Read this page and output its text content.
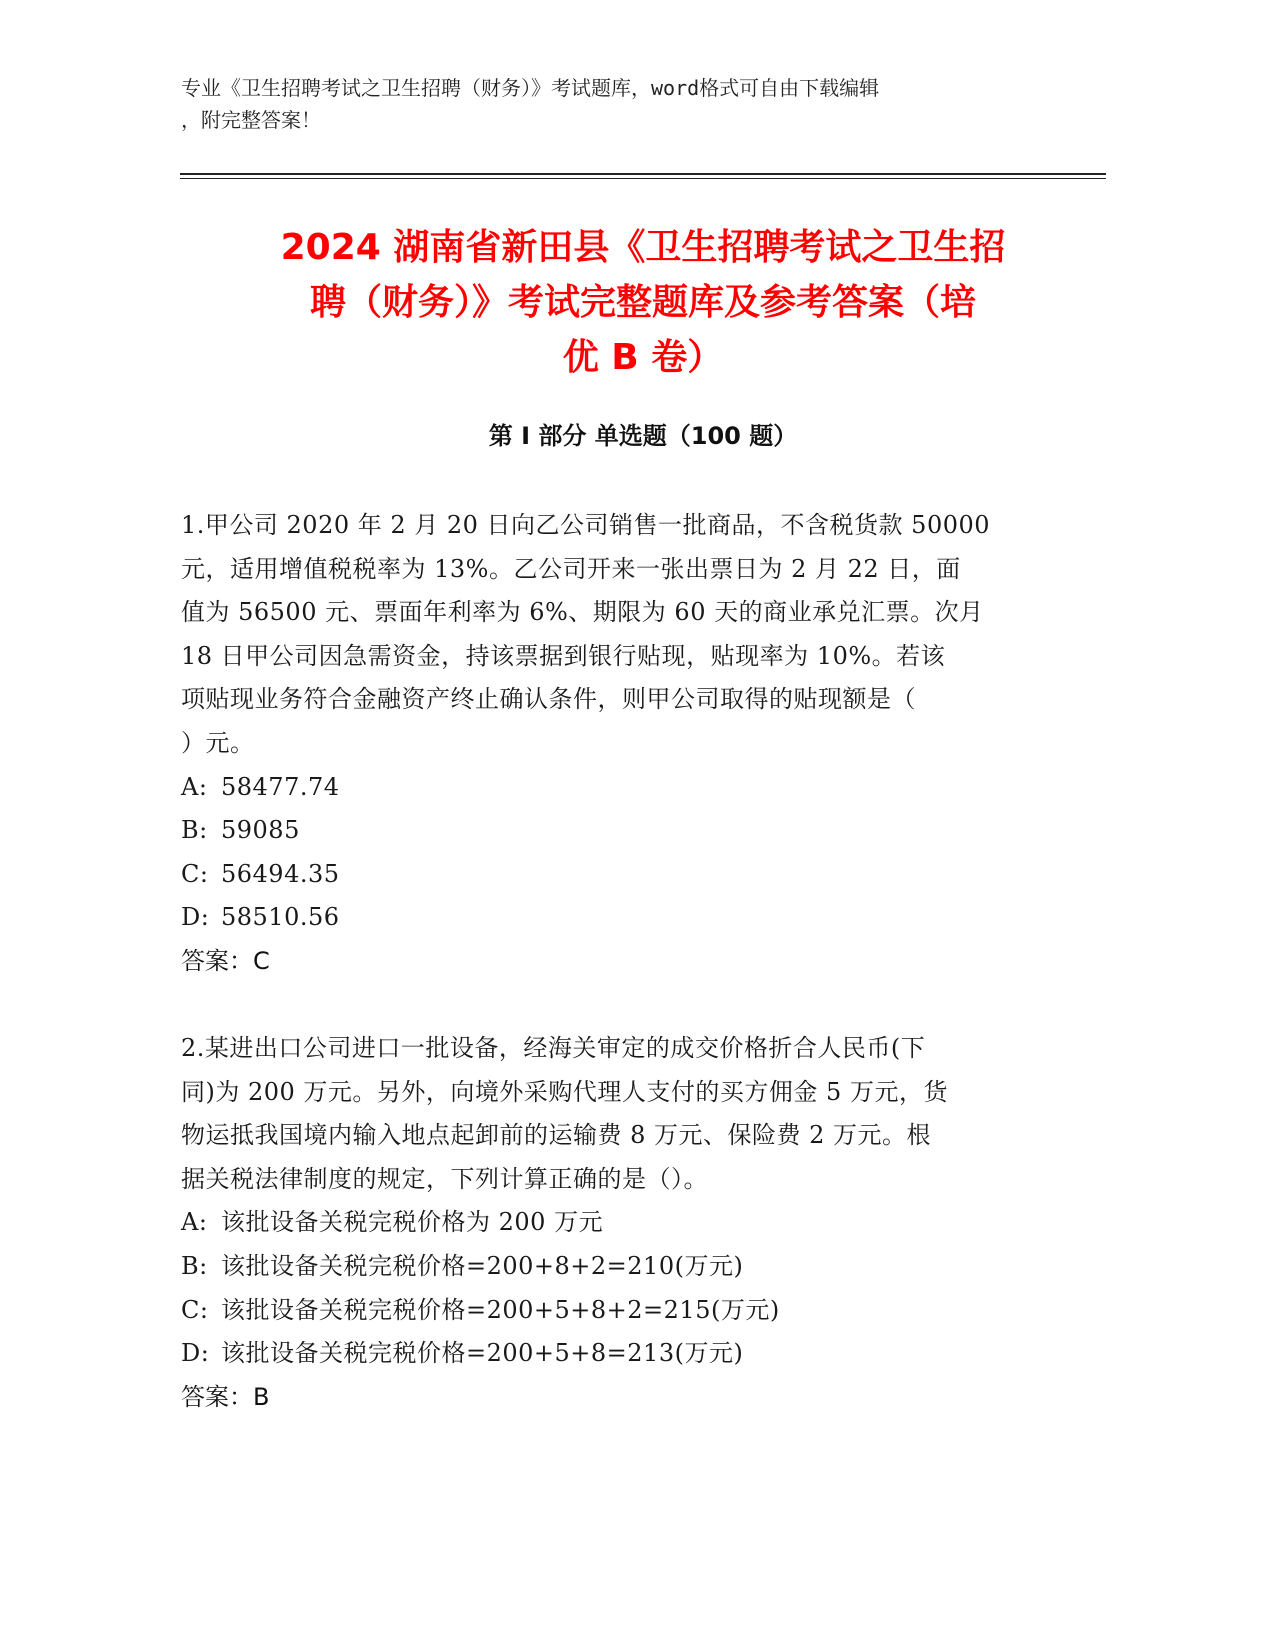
专业《卫生招聘考试之卫生招聘（财务）》考试题库，word格式可自由下载编辑
，附完整答案！
2024 湖南省新田县《卫生招聘考试之卫生招
聘（财务）》考试完整题库及参考答案（培
优 B 卷）
第 I 部分 单选题（100 题）

1.甲公司 2020 年 2 月 20 日向乙公司销售一批商品，不含税货款 50000

元，适用增值税税率为 13%。乙公司开来一张出票日为 2 月 22 日，面

值为 56500 元、票面年利率为 6%、期限为 60 天的商业承兑汇票。次月

18 日甲公司因急需资金，持该票据到银行贴现，贴现率为 10%。若该

项贴现业务符合金融资产终止确认条件，则甲公司取得的贴现额是（

）元。

A: 58477.74

B: 59085

C: 56494.35

D: 58510.56

答案：C

2.某进出口公司进口一批设备，经海关审定的成交价格折合人民币(下

同)为 200 万元。另外，向境外采购代理人支付的买方佣金 5 万元，货

物运抵我国境内输入地点起卸前的运输费 8 万元、保险费 2 万元。根

据关税法律制度的规定，下列计算正确的是（）。

A: 该批设备关税完税价格为 200 万元

B: 该批设备关税完税价格=200+8+2=210(万元)

C: 该批设备关税完税价格=200+5+8+2=215(万元)

D: 该批设备关税完税价格=200+5+8=213(万元)

答案：B
